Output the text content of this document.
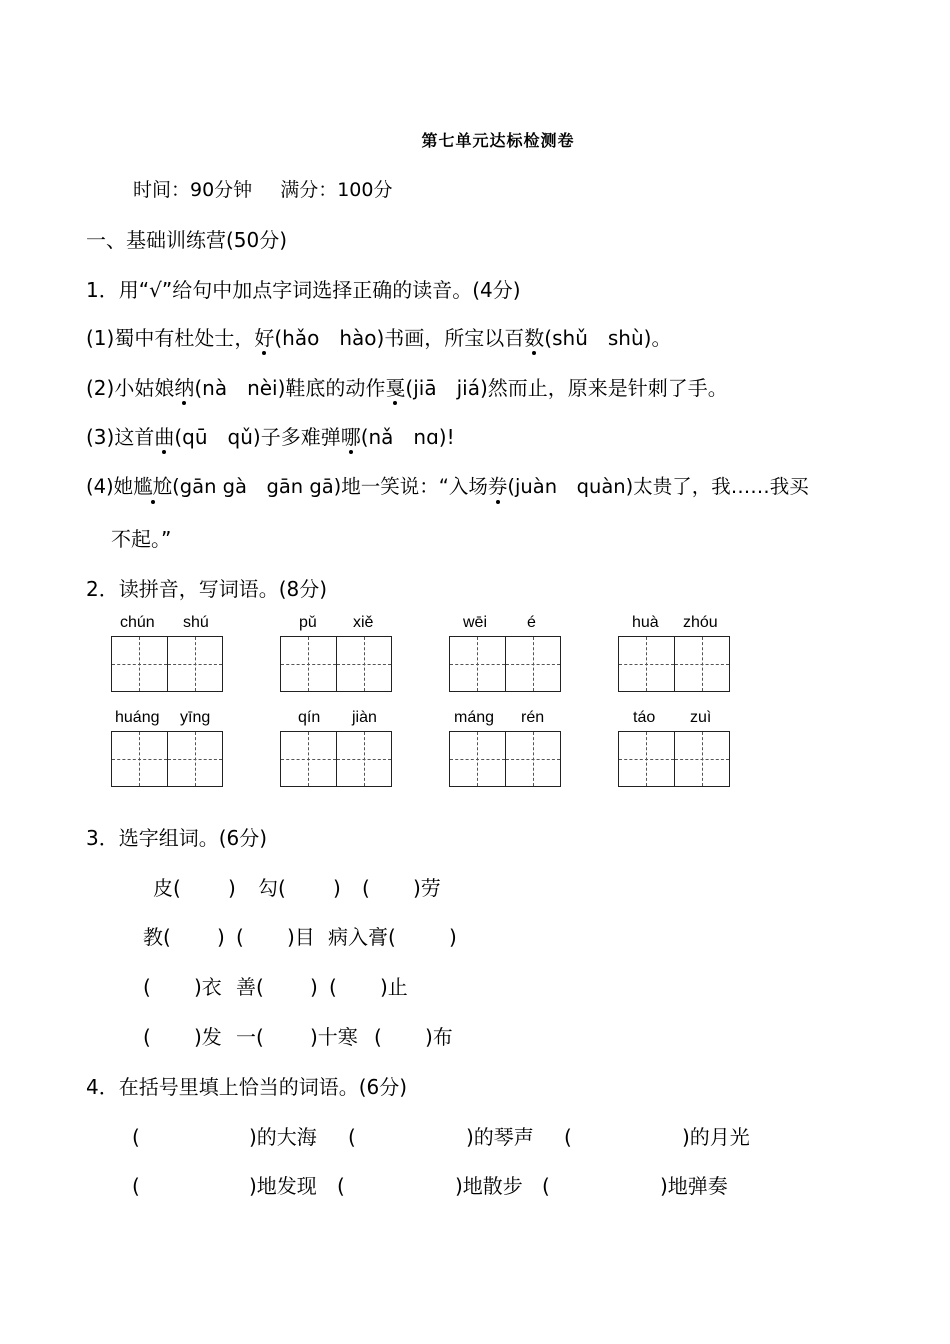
第七单元达标检测卷
时间：90分钟 满分：100分
一、基础训练营(50分)
1．用“√”给句中加点字词选择正确的读音。(4分)
(1)蜀中有杜处士，好(hǎo　hào)书画，所宝以百数(shǔ　shù)。
(2)小姑娘纳(nà　nèi)鞋底的动作戛(jiā　jiá)然而止，原来是针刺了手。
(3)这首曲(qū　qǔ)子多难弹哪(nǎ　nɑ)!
(4)她尴尬(gān gà　gān gā)地一笑说：“入场券(juàn　quàn)太贵了，我……我买
不起。”
2．读拼音，写词语。(8分)
chún shú	pǔ xiě	wēi é	huà zhóu
huáng yīng	qín jiàn	máng rén	táo zuì
3．选字组词。(6分)
皮( ) 勾( ) ( )劳
教( ) ( )目 病入膏(	)
( )衣 善( ) ( )止
( )发 一( )十寒 ( )布
4．在括号里填上恰当的词语。(6分)
(	)的大海 (	)的琴声 (	)的月光
(	)地发现 (	)地散步 (	)地弹奏
